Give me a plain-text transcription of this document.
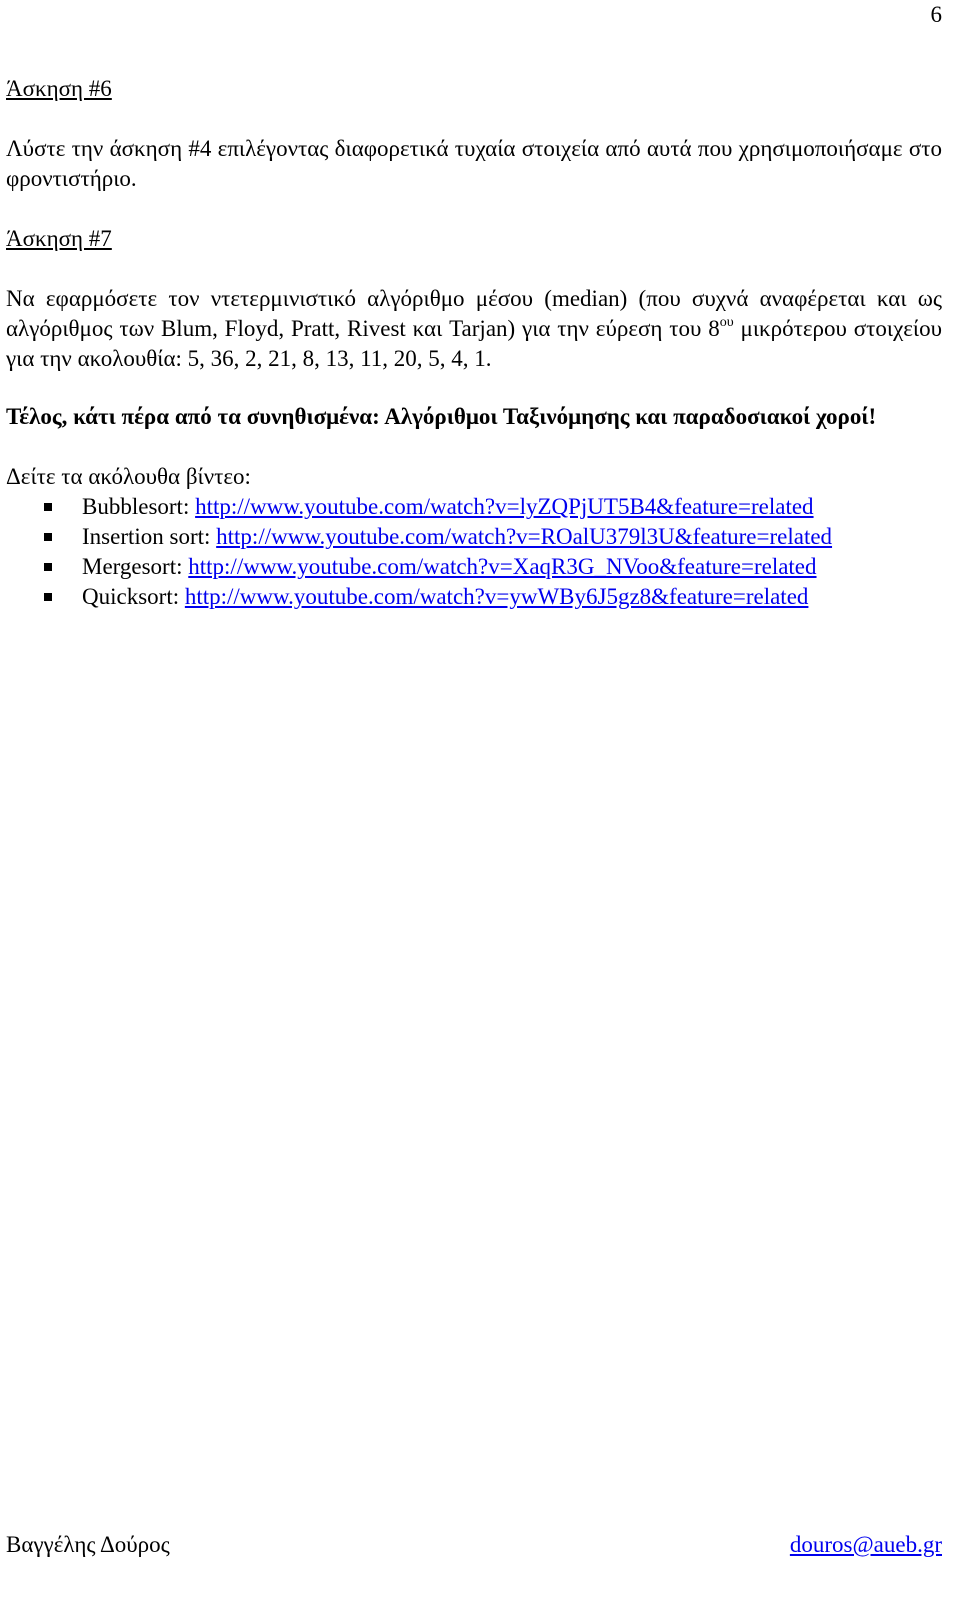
6
Άσκηση #6

Λύστε την άσκηση #4 επιλέγοντας διαφορετικά τυχαία στοιχεία από αυτά που χρησιμοποιήσαμε στο φροντιστήριο.

Άσκηση #7

Να εφαρμόσετε τον ντετερμινιστικό αλγόριθμο μέσου (median) (που συχνά αναφέρεται και ως αλγόριθμος των Blum, Floyd, Pratt, Rivest και Tarjan) για την εύρεση του $8^{o\upsilon}$ μικρότερου στοιχείου για την ακολουθία: 5, 36, 2, 21, 8, 13, 11, 20, 5, 4, 1.

Τέλος, κάτι πέρα από τα συνηθισμένα: Αλγόριθμοι Ταξινόμησης και παραδοσιακοί χοροί!

Δείτε τα ακόλουθα βίντεο:
Bubblesort: http://www.youtube.com/watch?v=lyZQPjUT5B4&feature=related
Insertion sort: http://www.youtube.com/watch?v=ROalU379l3U&feature=related
Mergesort: http://www.youtube.com/watch?v=XaqR3G_NVoo&feature=related
Quicksort: http://www.youtube.com/watch?v=ywWBy6J5gz8&feature=related
Βαγγέλης Δούρος	douros@aueb.gr
